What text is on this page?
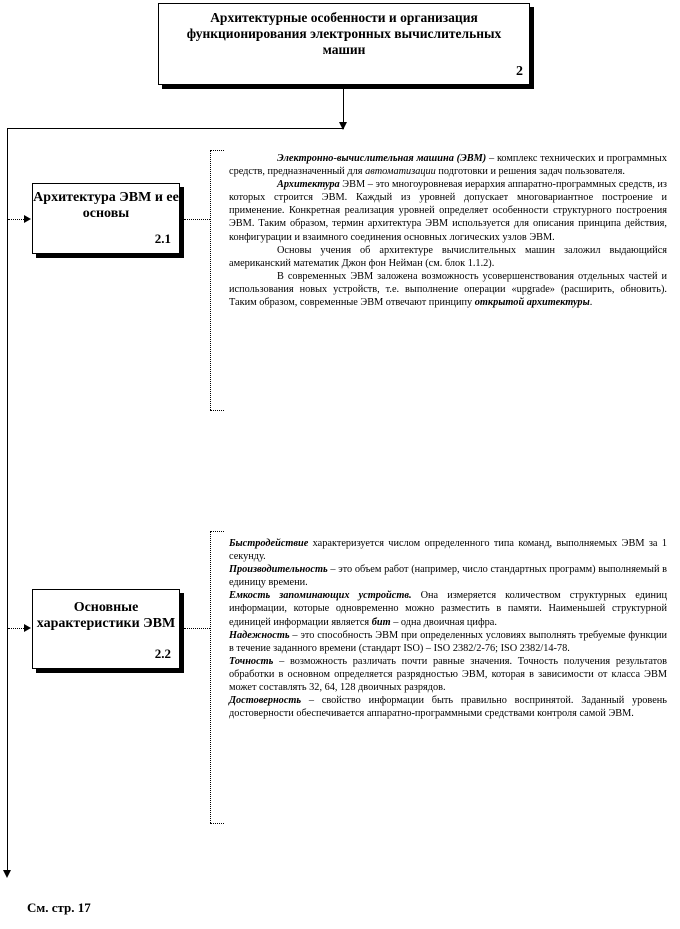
Архитектурные особенности и организация функционирования электронных вычислительных машин
2
Архитектура ЭВМ и ее основы
2.1
Основные характеристики ЭВМ
2.2

Электронно-вычислительная машина (ЭВМ) – комплекс технических и программных средств, предназначенный для автоматизации подготовки и решения задач пользователя.

Архитектура ЭВМ – это многоуровневая иерархия аппаратно-программных средств, из которых строится ЭВМ. Каждый из уровней допускает многовариантное построение и применение. Конкретная реализация уровней определяет особенности структурного построения ЭВМ. Таким образом, термин архитектура ЭВМ используется для описания принципа действия, конфигурации и взаимного соединения основных логических узлов ЭВМ.

Основы учения об архитектуре вычислительных машин заложил выдающийся американский математик Джон фон Нейман (см. блок 1.1.2).

В современных ЭВМ заложена возможность усовершенствования отдельных частей и использования новых устройств, т.е. выполнение операции «upgrade» (расширить, обновить). Таким образом, современные ЭВМ отвечают принципу открытой архитектуры.

Быстродействие характеризуется числом определенного типа команд, выполняемых ЭВМ за 1 секунду.

Производительность – это объем работ (например, число стандартных программ) выполняемый в единицу времени.

Емкость запоминающих устройств. Она измеряется количеством структурных единиц информации, которые одновременно можно разместить в памяти. Наименьшей структурной единицей информации является бит – одна двоичная цифра.

Надежность – это способность ЭВМ при определенных условиях выполнять требуемые функции в течение заданного времени (стандарт ISO) – ISO 2382/2-76; ISO 2382/14-78.

Точность – возможность различать почти равные значения. Точность получения результатов обработки в основном определяется разрядностью ЭВМ, которая в зависимости от класса ЭВМ может составлять 32, 64, 128 двоичных разрядов.

Достоверность – свойство информации быть правильно воспринятой. Заданный уровень достоверности обеспечивается аппаратно-программными средствами контроля самой ЭВМ.

См. стр. 17
